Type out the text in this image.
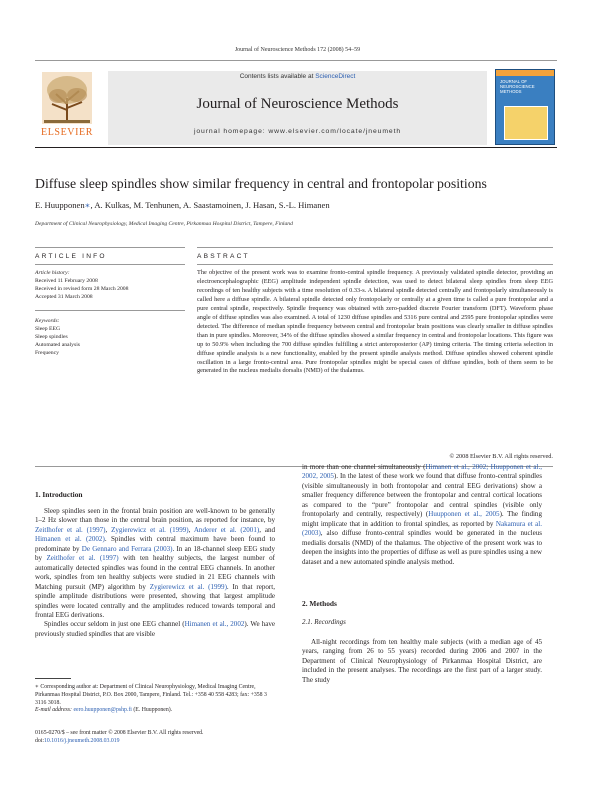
Journal of Neuroscience Methods 172 (2008) 54–59
Contents lists available at ScienceDirect
Journal of Neuroscience Methods
journal homepage: www.elsevier.com/locate/jneumeth
ELSEVIER
JOURNAL OF
NEUROSCIENCE
METHODS
Diffuse sleep spindles show similar frequency in central and frontopolar positions
E. Huupponen∗, A. Kulkas, M. Tenhunen, A. Saastamoinen, J. Hasan, S.-L. Himanen
Department of Clinical Neurophysiology, Medical Imaging Centre, Pirkanmaa Hospital District, Tampere, Finland
ARTICLE INFO	ABSTRACT
Article history:
Received 11 February 2008
Received in revised form 28 March 2008
Accepted 31 March 2008
Keywords:
Sleep EEG
Sleep spindles
Automated analysis
Frequency
The objective of the present work was to examine fronto-central spindle frequency. A previously validated spindle detector, providing an electroencephalographic (EEG) amplitude independent spindle detection, was used to detect bilateral sleep spindles from sleep EEG recordings of ten healthy subjects with a time resolution of 0.33-s. A bilateral spindle detected centrally and frontopolarly simultaneously is called here a diffuse spindle. A bilateral spindle detected only frontopolarly or centrally at a given time is called a pure frontopolar and a pure central spindle, respectively. Spindle frequency was obtained with zero-padded discrete Fourier transform (DFT). Waveform phase angle of diffuse spindles was also examined. A total of 1230 diffuse spindles and 5316 pure central and 2595 pure frontopolar spindles were detected. The difference of median spindle frequency between central and frontopolar brain positions was clearly smaller in diffuse spindles than in pure spindles. Moreover, 34% of the diffuse spindles showed a similar frequency in central and frontopolar locations. This figure was up to 50.9% when including the 700 diffuse spindles fulfilling a strict anteroposterior (AP) timing criteria. The timing criteria selection in diffuse spindle analysis is a new functionality, enabled by the present spindle analysis method. Diffuse spindles showed coherent spindle oscillation in a large fronto-central area. Pure frontopolar spindles might be special cases of diffuse spindles, both of them seem to be generated in the nucleus medialis dorsalis (NMD) of the thalamus.
© 2008 Elsevier B.V. All rights reserved.
1. Introduction

Sleep spindles seen in the frontal brain position are well-known to be generally 1–2 Hz slower than those in the central brain position, as reported for instance, by Zeitlhofer et al. (1997), Zygierewicz et al. (1999), Anderer et al. (2001), and Himanen et al. (2002). Spindles with central maximum have been found to predominate by De Gennaro and Ferrara (2003). In an 18-channel sleep EEG study by Zeitlhofer et al. (1997) with ten healthy subjects, the largest number of automatically detected spindles was found in the central EEG channels. In another work, spindles from ten healthy subjects were studied in 21 EEG channels with Matching pursuit (MP) algorithm by Zygierewicz et al. (1999). In that report, spindle amplitude distributions were presented, showing that largest amplitude spindles were located centrally and the amplitudes reduced towards temporal and frontal EEG derivations.

Spindles occur seldom in just one EEG channel (Himanen et al., 2002). We have previously studied spindles that are visible

in more than one channel simultaneously (Himanen et al., 2002; Huupponen et al., 2002, 2005). In the latest of these work we found that diffuse fronto-central spindles (visible simultaneously in both frontopolar and central EEG derivations) show a smaller frequency difference between the frontopolar and central cortical locations as compared to the “pure” frontopolar and central spindles (visible only frontopolarly and centrally, respectively) (Huupponen et al., 2005). The finding might implicate that in addition to frontal spindles, as reported by Nakamura et al. (2003), also diffuse fronto-central spindles would be generated in the nucleus medialis dorsalis (NMD) of the thalamus. The objective of the present work was to deepen the insights into the properties of diffuse as well as pure spindles using a new dataset and a new automated spindle analysis method.

2. Methods
2.1. Recordings

All-night recordings from ten healthy male subjects (with a median age of 45 years, ranging from 26 to 55 years) recorded during 2006 and 2007 in the Department of Clinical Neurophysiology of Pirkanmaa Hospital District, are included in the present analyses. The recordings are the first part of a larger study. The study

∗ Corresponding author at: Department of Clinical Neurophysiology, Medical Imaging Centre, Pirkanmaa Hospital District, P.O. Box 2000, Tampere, Finland. Tel.: +358 40 558 4283; fax: +358 3 3116 3018.
E-mail address: eero.huupponen@pshp.fi (E. Huupponen).
0165-0270/$ – see front matter © 2008 Elsevier B.V. All rights reserved.
doi:10.1016/j.jneumeth.2008.03.019
